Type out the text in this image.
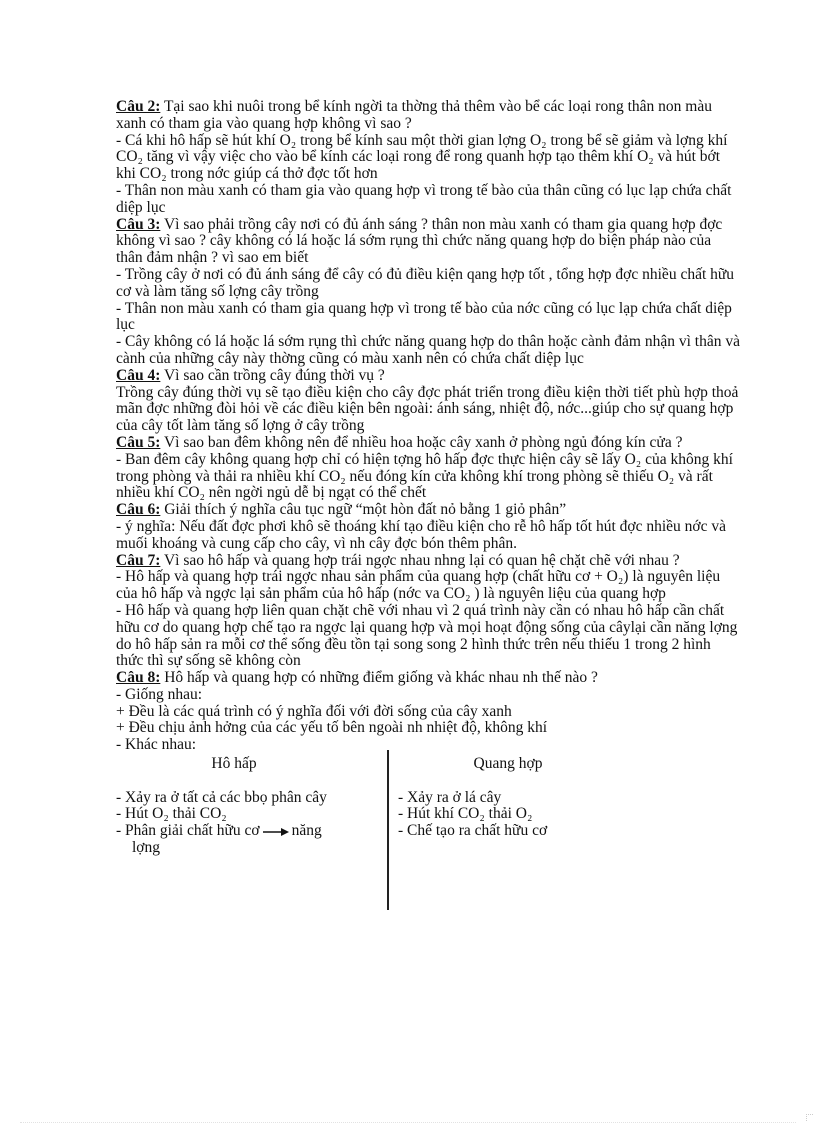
Câu 2: Tại sao khi nuôi trong bể kính ngời ta thờng thả thêm vào bể các loại rong thân non màu xanh có tham gia vào quang hợp không vì sao ?

- Cá khi hô hấp sẽ hút khí O₂ trong bể kính sau một thời gian lợng O₂ trong bể sẽ giảm và lợng khí CO₂ tăng vì vậy việc cho vào bể kính các loại rong để rong quanh hợp tạo thêm khí O₂ và hút bớt khi CO₂ trong nớc giúp cá thở đợc tốt hơn

- Thân non màu xanh có tham gia vào quang hợp vì trong tế bào của thân cũng có lục lạp chứa chất diệp lục

Câu 3: Vì sao phải trồng cây nơi có đủ ánh sáng ? thân non màu xanh có tham gia quang hợp đợc không vì sao ? cây không có lá hoặc lá sớm rụng thì chức năng quang hợp do biện pháp nào của thân đảm nhận ? vì sao em biết

- Trồng cây ở nơi có đủ ánh sáng để cây có đủ điều kiện qang hợp tốt , tổng hợp đợc nhiều chất hữu cơ và làm tăng số lợng cây trồng

- Thân non màu xanh có tham gia quang hợp vì trong tế bào của nớc cũng có lục lạp chứa chất diệp lục

- Cây không có lá hoặc lá sớm rụng thì chức năng quang hợp do thân hoặc cành đảm nhận vì thân và cành của những cây này thờng cũng có màu xanh nên có chứa chất diệp lục

Câu 4: Vì sao cần trồng cây đúng thời vụ ?

Trồng cây đúng thời vụ sẽ tạo điều kiện cho cây đợc phát triển trong điều kiện thời tiết phù hợp thoả mãn đợc những đòi hỏi về các điều kiện bên ngoài: ánh sáng, nhiệt độ, nớc...giúp cho sự quang hợp của cây tốt làm tăng số lợng ở cây trồng

Câu 5: Vì sao ban đêm không nên để nhiều hoa hoặc cây xanh ở phòng ngủ đóng kín cửa ?

- Ban đêm cây không quang hợp chỉ có hiện tợng hô hấp đợc thực hiện cây sẽ lấy O₂ của không khí trong phòng và thải ra nhiều khí CO₂ nếu đóng kín cửa không khí trong phòng sẽ thiếu O₂ và rất nhiều khí CO₂ nên ngời ngủ dễ bị ngạt có thể chết

Câu 6: Giải thích ý nghĩa câu tục ngữ “một hòn đất nỏ bằng 1 giỏ phân”

- ý nghĩa: Nếu đất đợc phơi khô sẽ thoáng khí tạo điều kiện cho rễ hô hấp tốt hút đợc nhiều nớc và muối khoáng và cung cấp cho cây, vì nh cây đợc bón thêm phân.

Câu 7: Vì sao hô hấp và quang hợp trái ngợc nhau nhng lại có quan hệ chặt chẽ với nhau ?

- Hô hấp và quang hợp trái ngợc nhau sản phẩm của quang hợp (chất hữu cơ + O₂) là nguyên liệu của hô hấp và ngợc lại sản phẩm của hô hấp (nớc va CO₂ ) là nguyên liệu của quang hợp

- Hô hấp và quang hợp liên quan chặt chẽ với nhau vì 2 quá trình này cần có nhau hô hấp cần chất hữu cơ do quang hợp chế tạo ra ngợc lại quang hợp và mọi hoạt động sống của câylại cần năng lợng do hô hấp sản ra mỗi cơ thể sống đều tồn tại song song 2 hình thức trên nếu thiếu 1 trong 2 hình thức thì sự sống sẽ không còn

Câu 8: Hô hấp và quang hợp có những điểm giống và khác nhau nh thế nào ?

- Giống nhau:

+ Đều là các quá trình có ý nghĩa đối với đời sống của cây xanh

+ Đều chịu ảnh hởng của các yếu tố bên ngoài nh nhiệt độ, không khí

- Khác nhau:

Hô hấp

- Xảy ra ở tất cả các bbọ phân cây

- Hút O₂ thải CO₂

- Phân giải chất hữu cơ năng

lợng

Quang hợp

- Xảy ra ở lá cây

- Hút khí CO₂ thải O₂

- Chế tạo ra chất hữu cơ
